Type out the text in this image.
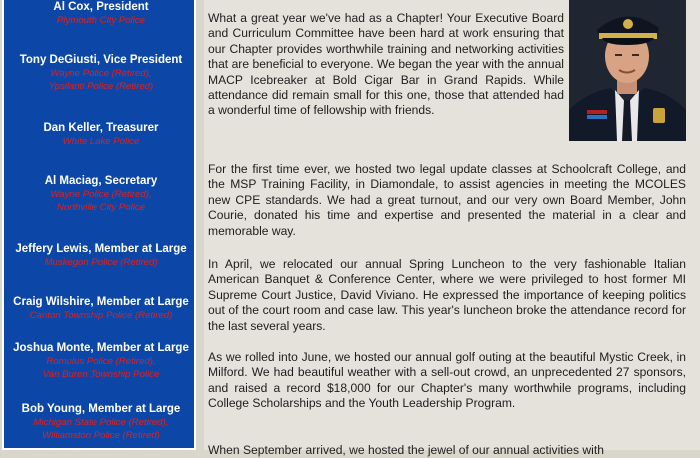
Al Cox, President
Plymouth City Police
Tony DeGiusti, Vice President
Wayne Police (Retired),
Ypsilanti Police (Retired)
Dan Keller, Treasurer
White Lake Police
Al Maciag, Secretary
Wayne Police (Retired),
Northville City Police
Jeffery Lewis, Member at Large
Muskegon Police (Retired)
Craig Wilshire, Member at Large
Canton Township Police (Retired)
Joshua Monte, Member at Large
Romulus Police (Retired),
Van Buren Township Police
Bob Young, Member at Large
Michigan State Police (Retired),
Williamston Police (Retired)

What a great year we've had as a Chapter! Your Executive Board and Curriculum Committee have been hard at work ensuring that our Chapter provides worthwhile training and networking activities that are beneficial to everyone. We began the year with the annual MACP Icebreaker at Bold Cigar Bar in Grand Rapids. While attendance did remain small for this one, those that attended had a wonderful time of fellowship with friends.

For the first time ever, we hosted two legal update classes at Schoolcraft College, and the MSP Training Facility, in Diamondale, to assist agencies in meeting the MCOLES new CPE standards. We had a great turnout, and our very own Board Member, John Courie, donated his time and expertise and presented the material in a clear and memorable way.

In April, we relocated our annual Spring Luncheon to the very fashionable Italian American Banquet & Conference Center, where we were privileged to host former MI Supreme Court Justice, David Viviano. He expressed the importance of keeping politics out of the court room and case law. This year's luncheon broke the attendance record for the last several years.

As we rolled into June, we hosted our annual golf outing at the beautiful Mystic Creek, in Milford. We had beautiful weather with a sell-out crowd, an unprecedented 27 sponsors, and raised a record $18,000 for our Chapter's many worthwhile programs, including College Scholarships and the Youth Leadership Program.

When September arrived, we hosted the jewel of our annual activities with
